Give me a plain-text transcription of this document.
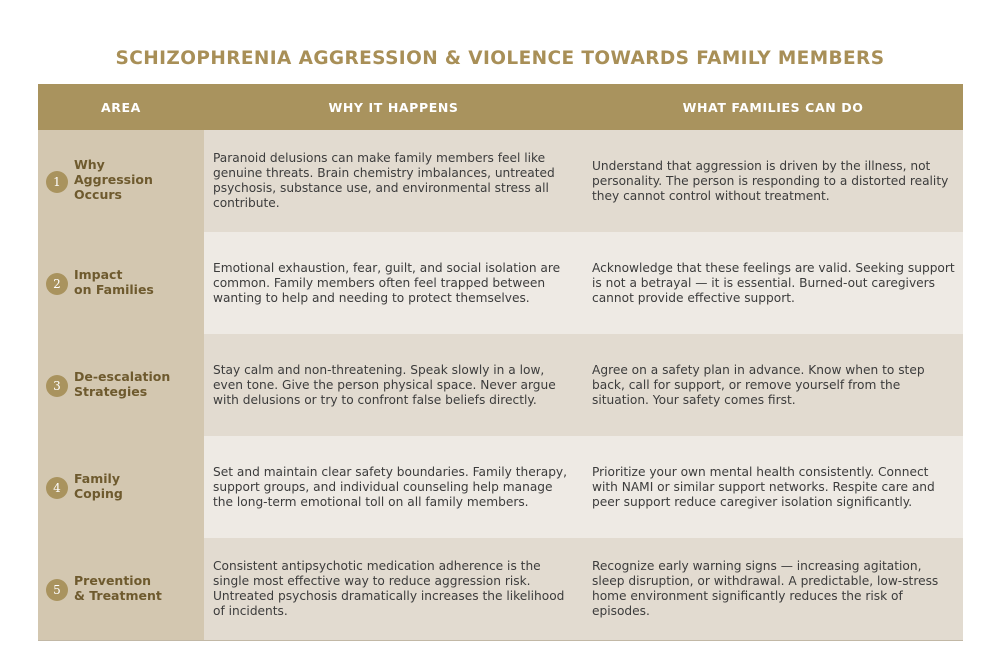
SCHIZOPHRENIA AGGRESSION & VIOLENCE TOWARDS FAMILY MEMBERS
AREA	WHY IT HAPPENS	WHAT FAMILIES CAN DO
1
Why
Aggression
Occurs
Paranoid delusions can make family members feel like genuine threats. Brain chemistry imbalances, untreated psychosis, substance use, and environmental stress all contribute.
Understand that aggression is driven by the illness, not personality. The person is responding to a distorted reality they cannot control without treatment.
2
Impact
on Families
Emotional exhaustion, fear, guilt, and social isolation are common. Family members often feel trapped between wanting to help and needing to protect themselves.
Acknowledge that these feelings are valid. Seeking support is not a betrayal — it is essential. Burned-out caregivers cannot provide effective support.
3
De-escalation
Strategies
Stay calm and non-threatening. Speak slowly in a low, even tone. Give the person physical space. Never argue with delusions or try to confront false beliefs directly.
Agree on a safety plan in advance. Know when to step back, call for support, or remove yourself from the situation. Your safety comes first.
4
Family
Coping
Set and maintain clear safety boundaries. Family therapy, support groups, and individual counseling help manage the long-term emotional toll on all family members.
Prioritize your own mental health consistently. Connect with NAMI or similar support networks. Respite care and peer support reduce caregiver isolation significantly.
5
Prevention
& Treatment
Consistent antipsychotic medication adherence is the single most effective way to reduce aggression risk. Untreated psychosis dramatically increases the likelihood of incidents.
Recognize early warning signs — increasing agitation, sleep disruption, or withdrawal. A predictable, low-stress home environment significantly reduces the risk of episodes.
